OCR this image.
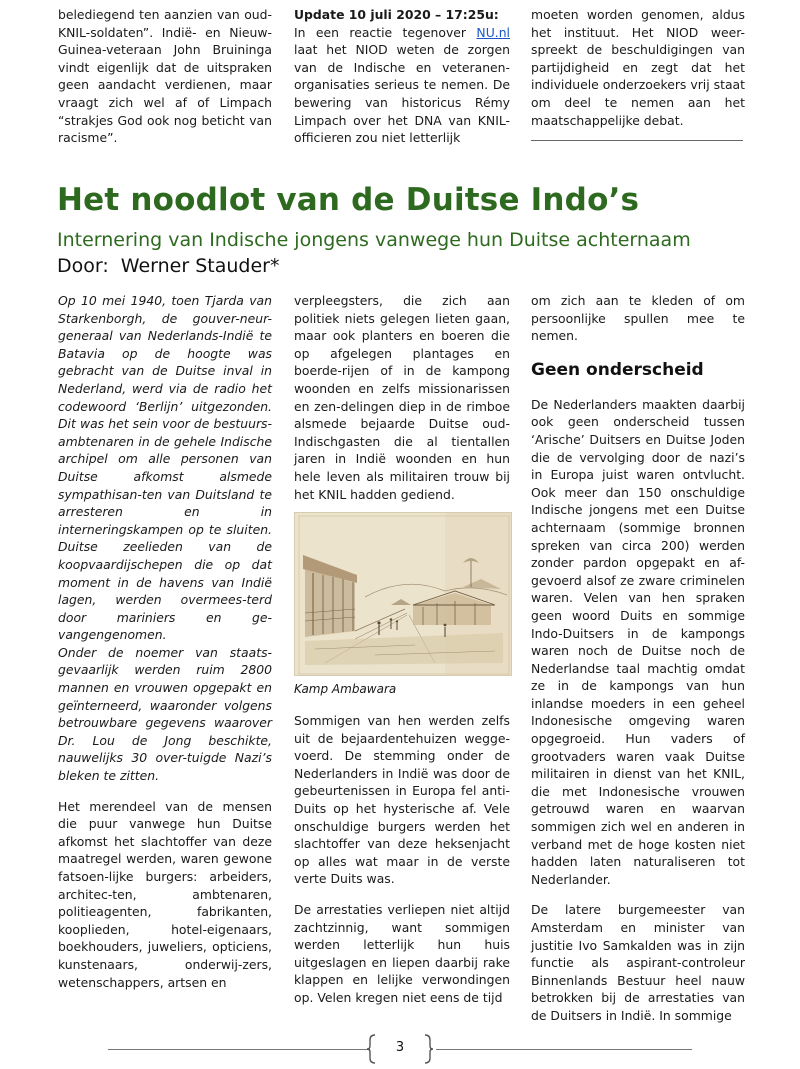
belediegend ten aanzien van oud-KNIL-soldaten”. Indië- en Nieuw-Guinea-veteraan John Bruininga vindt eigenlijk dat de uitspraken geen aandacht verdienen, maar vraagt zich wel af of Limpach “strakjes God ook nog beticht van racisme”.

Update 10 juli 2020 – 17:25u:
In een reactie tegenover NU.nl laat het NIOD weten de zorgen van de Indische en veteranen-organisaties serieus te nemen. De bewering van historicus Rémy Limpach over het DNA van KNIL-officieren zou niet letterlijk

moeten worden genomen, aldus het instituut. Het NIOD weer-spreekt de beschuldigingen van partijdigheid en zegt dat het individuele onderzoekers vrij staat om deel te nemen aan het maatschappelijke debat.

Het noodlot van de Duitse Indo’s
Internering van Indische jongens vanwege hun Duitse achternaam
Door: Werner Stauder*

Op 10 mei 1940, toen Tjarda van Starkenborgh, de gouver-neur-generaal van Nederlands-Indië te Batavia op de hoogte was gebracht van de Duitse inval in Nederland, werd via de radio het codewoord ‘Berlijn’ uitgezonden. Dit was het sein voor de bestuurs-ambtenaren in de gehele Indische archipel om alle personen van Duitse afkomst alsmede sympathisan-ten van Duitsland te arresteren en in interneringskampen op te sluiten. Duitse zeelieden van de koopvaardijschepen die op dat moment in de havens van Indië lagen, werden overmees-terd door mariniers en ge-vangengenomen.

Onder de noemer van staats-gevaarlijk werden ruim 2800 mannen en vrouwen opgepakt en geïnterneerd, waaronder volgens betrouwbare gegevens waarover Dr. Lou de Jong beschikte, nauwelijks 30 over-tuigde Nazi’s bleken te zitten.

Het merendeel van de mensen die puur vanwege hun Duitse afkomst het slachtoffer van deze maatregel werden, waren gewone fatsoen-lijke burgers: arbeiders, architec-ten, ambtenaren, politieagenten, fabrikanten, kooplieden, hotel-eigenaars, boekhouders, juweliers, opticiens, kunstenaars, onderwij-zers, wetenschappers, artsen en

verpleegsters, die zich aan politiek niets gelegen lieten gaan, maar ook planters en boeren die op afgelegen plantages en boerde-rijen of in de kampong woonden en zelfs missionarissen en zen-delingen diep in de rimboe alsmede bejaarde Duitse oud-Indischgasten die al tientallen jaren in Indië woonden en hun hele leven als militairen trouw bij het KNIL hadden gediend.

Kamp Ambawara

Sommigen van hen werden zelfs uit de bejaardentehuizen wegge-voerd. De stemming onder de Nederlanders in Indië was door de gebeurtenissen in Europa fel anti-Duits op het hysterische af. Vele onschuldige burgers werden het slachtoffer van deze heksenjacht op alles wat maar in de verste verte Duits was.

De arrestaties verliepen niet altijd zachtzinnig, want sommigen werden letterlijk hun huis uitgeslagen en liepen daarbij rake klappen en lelijke verwondingen op. Velen kregen niet eens de tijd

om zich aan te kleden of om persoonlijke spullen mee te nemen.

Geen onderscheid

De Nederlanders maakten daarbij ook geen onderscheid tussen ‘Arische’ Duitsers en Duitse Joden die de vervolging door de nazi’s in Europa juist waren ontvlucht. Ook meer dan 150 onschuldige Indische jongens met een Duitse achternaam (sommige bronnen spreken van circa 200) werden zonder pardon opgepakt en af-gevoerd alsof ze zware criminelen waren. Velen van hen spraken geen woord Duits en sommige Indo-Duitsers in de kampongs waren noch de Duitse noch de Nederlandse taal machtig omdat ze in de kampongs van hun inlandse moeders in een geheel Indonesische omgeving waren opgegroeid. Hun vaders of grootvaders waren vaak Duitse militairen in dienst van het KNIL, die met Indonesische vrouwen getrouwd waren en waarvan sommigen zich wel en anderen in verband met de hoge kosten niet hadden laten naturaliseren tot Nederlander.

De latere burgemeester van Amsterdam en minister van justitie Ivo Samkalden was in zijn functie als aspirant-controleur Binnenlands Bestuur heel nauw betrokken bij de arrestaties van de Duitsers in Indië. In sommige

3
